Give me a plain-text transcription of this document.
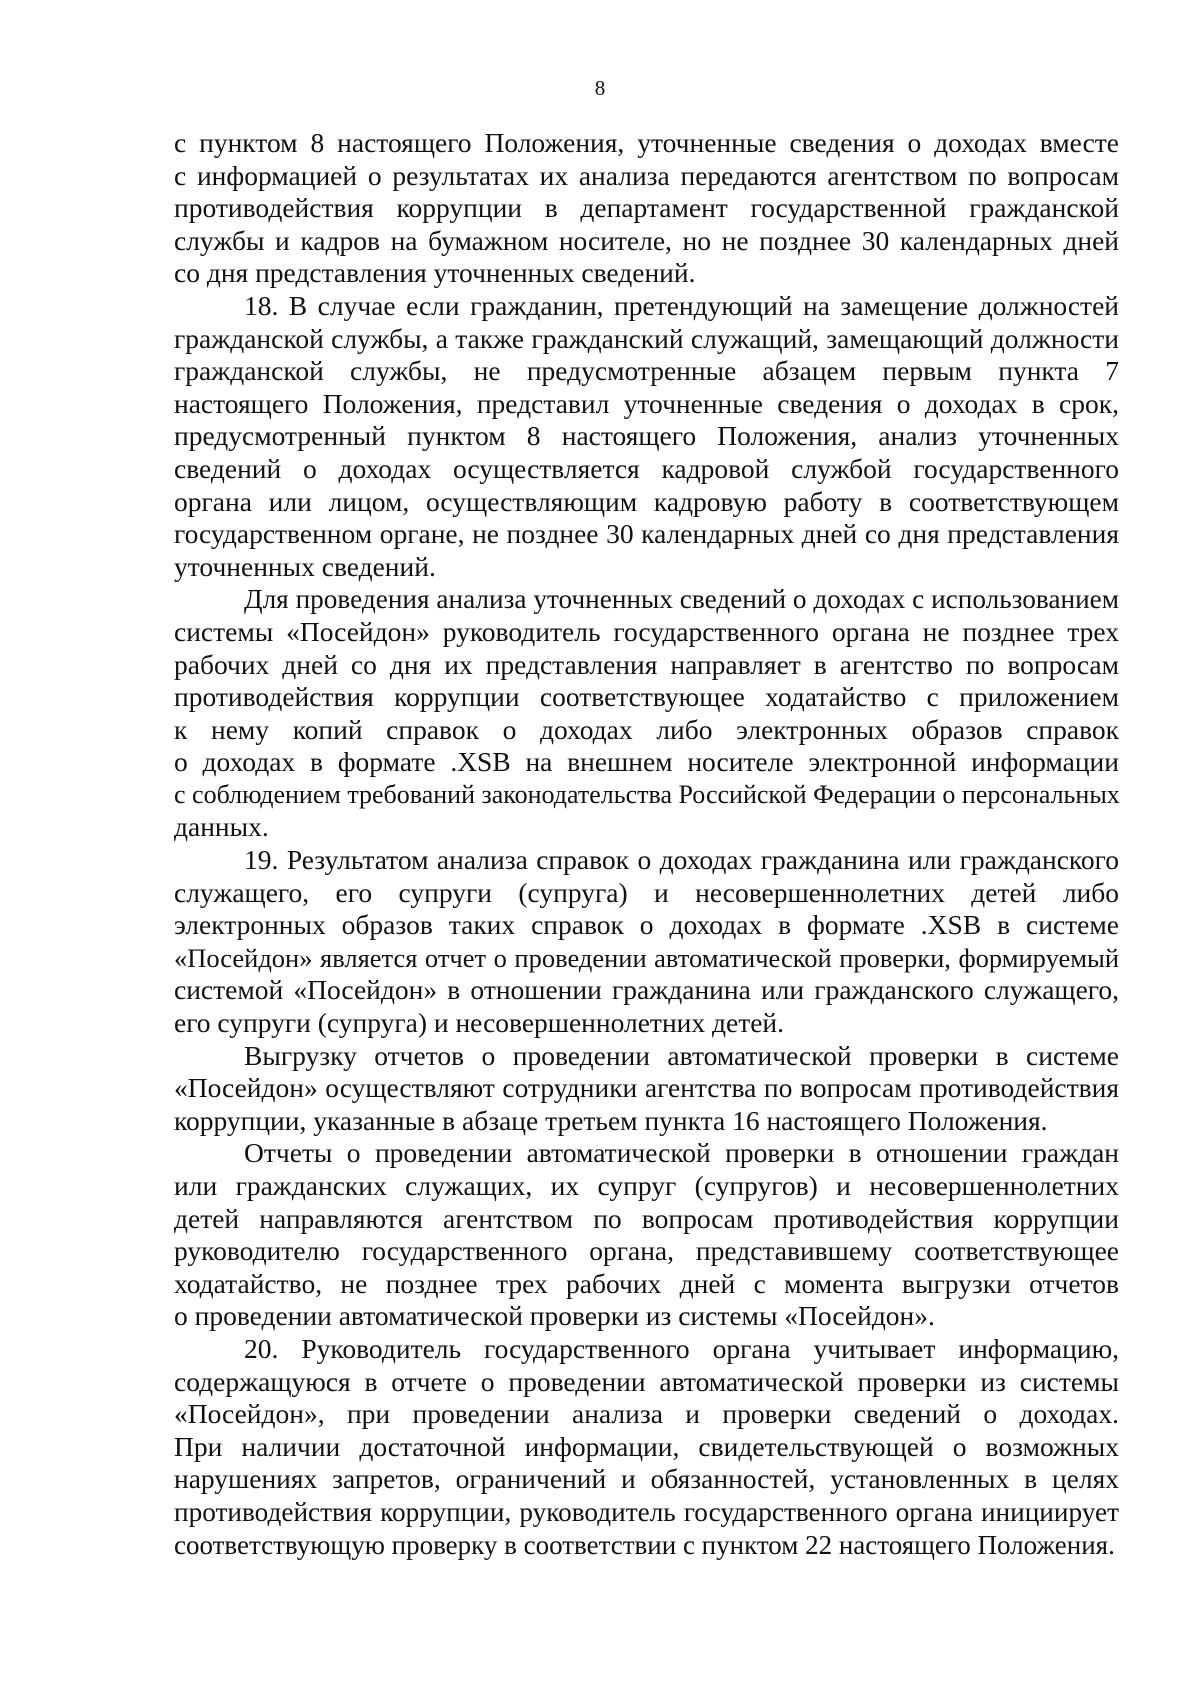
8
с пунктом 8 настоящего Положения, уточненные сведения о доходах вместе
с информацией о результатах их анализа передаются агентством по вопросам
противодействия коррупции в департамент государственной гражданской
службы и кадров на бумажном носителе, но не позднее 30 календарных дней
со дня представления уточненных сведений.
18. В случае если гражданин, претендующий на замещение должностей
гражданской службы, а также гражданский служащий, замещающий должности
гражданской службы, не предусмотренные абзацем первым пункта 7
настоящего Положения, представил уточненные сведения о доходах в срок,
предусмотренный пунктом 8 настоящего Положения, анализ уточненных
сведений о доходах осуществляется кадровой службой государственного
органа или лицом, осуществляющим кадровую работу в соответствующем
государственном органе, не позднее 30 календарных дней со дня представления
уточненных сведений.
Для проведения анализа уточненных сведений о доходах с использованием
системы «Посейдон» руководитель государственного органа не позднее трех
рабочих дней со дня их представления направляет в агентство по вопросам
противодействия коррупции соответствующее ходатайство с приложением
к нему копий справок о доходах либо электронных образов справок
о доходах в формате .XSB на внешнем носителе электронной информации
с соблюдением требований законодательства Российской Федерации о персональных
данных.
19. Результатом анализа справок о доходах гражданина или гражданского
служащего, его супруги (супруга) и несовершеннолетних детей либо
электронных образов таких справок о доходах в формате .XSB в системе
«Посейдон» является отчет о проведении автоматической проверки, формируемый
системой «Посейдон» в отношении гражданина или гражданского служащего,
его супруги (супруга) и несовершеннолетних детей.
Выгрузку отчетов о проведении автоматической проверки в системе
«Посейдон» осуществляют сотрудники агентства по вопросам противодействия
коррупции, указанные в абзаце третьем пункта 16 настоящего Положения.
Отчеты о проведении автоматической проверки в отношении граждан
или гражданских служащих, их супруг (супругов) и несовершеннолетних
детей направляются агентством по вопросам противодействия коррупции
руководителю государственного органа, представившему соответствующее
ходатайство, не позднее трех рабочих дней с момента выгрузки отчетов
о проведении автоматической проверки из системы «Посейдон».
20. Руководитель государственного органа учитывает информацию,
содержащуюся в отчете о проведении автоматической проверки из системы
«Посейдон», при проведении анализа и проверки сведений о доходах.
При наличии достаточной информации, свидетельствующей о возможных
нарушениях запретов, ограничений и обязанностей, установленных в целях
противодействия коррупции, руководитель государственного органа инициирует
соответствующую проверку в соответствии с пунктом 22 настоящего Положения.
